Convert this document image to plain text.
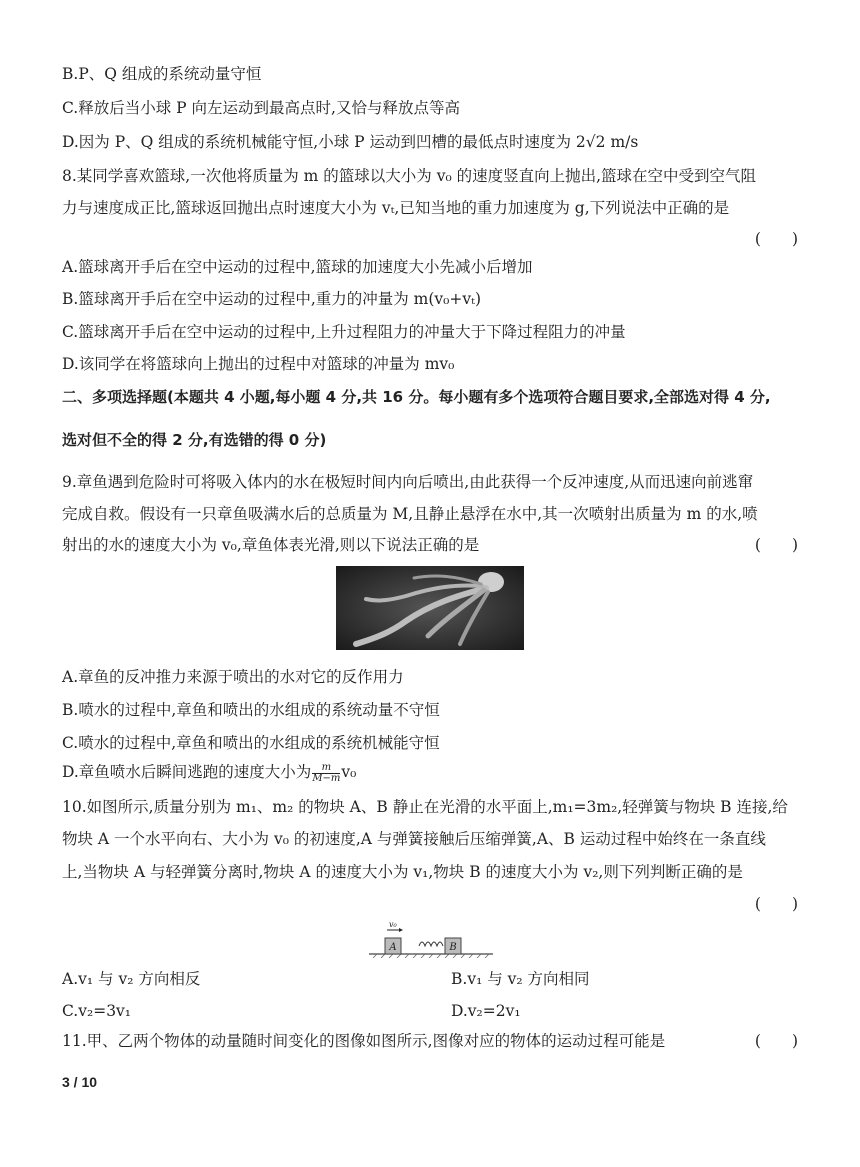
B.P、Q 组成的系统动量守恒
C.释放后当小球 P 向左运动到最高点时,又恰与释放点等高
D.因为 P、Q 组成的系统机械能守恒,小球 P 运动到凹槽的最低点时速度为 2√2 m/s
8.某同学喜欢篮球,一次他将质量为 m 的篮球以大小为 v₀ 的速度竖直向上抛出,篮球在空中受到空气阻
力与速度成正比,篮球返回抛出点时速度大小为 vₜ,已知当地的重力加速度为 g,下列说法中正确的是
(　　)
A.篮球离开手后在空中运动的过程中,篮球的加速度大小先减小后增加
B.篮球离开手后在空中运动的过程中,重力的冲量为 m(v₀+vₜ)
C.篮球离开手后在空中运动的过程中,上升过程阻力的冲量大于下降过程阻力的冲量
D.该同学在将篮球向上抛出的过程中对篮球的冲量为 mv₀
二、多项选择题(本题共 4 小题,每小题 4 分,共 16 分。每小题有多个选项符合题目要求,全部选对得 4 分,
选对但不全的得 2 分,有选错的得 0 分)
9.章鱼遇到危险时可将吸入体内的水在极短时间内向后喷出,由此获得一个反冲速度,从而迅速向前逃窜
完成自救。假设有一只章鱼吸满水后的总质量为 M,且静止悬浮在水中,其一次喷射出质量为 m 的水,喷
射出的水的速度大小为 v₀,章鱼体表光滑,则以下说法正确的是	(　　)
A.章鱼的反冲推力来源于喷出的水对它的反作用力
B.喷水的过程中,章鱼和喷出的水组成的系统动量不守恒
C.喷水的过程中,章鱼和喷出的水组成的系统机械能守恒
D.章鱼喷水后瞬间逃跑的速度大小为 $\frac{m}{M-m} v_0$
10.如图所示,质量分别为 m₁、m₂ 的物块 A、B 静止在光滑的水平面上,m₁=3m₂,轻弹簧与物块 B 连接,给
物块 A 一个水平向右、大小为 v₀ 的初速度,A 与弹簧接触后压缩弹簧,A、B 运动过程中始终在一条直线
上,当物块 A 与轻弹簧分离时,物块 A 的速度大小为 v₁,物块 B 的速度大小为 v₂,则下列判断正确的是
(　　)
A
v₀
B
A.v₁ 与 v₂ 方向相反	B.v₁ 与 v₂ 方向相同
C.v₂=3v₁	D.v₂=2v₁
11.甲、乙两个物体的动量随时间变化的图像如图所示,图像对应的物体的运动过程可能是	(　　)
3 / 10
